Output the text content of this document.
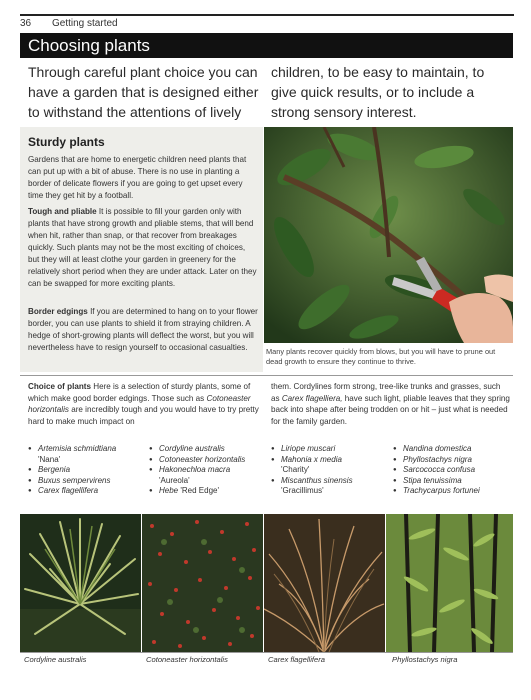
36 Getting started
Choosing plants
Through careful plant choice you can have a garden that is designed either to withstand the attentions of lively
children, to be easy to maintain, to give quick results, or to include a strong sensory interest.
Sturdy plants
Gardens that are home to energetic children need plants that can put up with a bit of abuse. There is no use in planting a border of delicate flowers if you are going to get upset every time they get hit by a football.
Tough and pliable It is possible to fill your garden only with plants that have strong growth and pliable stems, that will bend when hit, rather than snap, or that recover from breakages quickly. Such plants may not be the most exciting of choices, but they will at least clothe your garden in greenery for the relatively short period when they are under attack. Later on they can be swapped for more exciting plants.
Border edgings If you are determined to hang on to your flower border, you can use plants to shield it from straying children. A hedge of short-growing plants will deflect the worst, but you will nevertheless have to resign yourself to occasional casualties.	Many plants recover quickly from blows, but you will have to prune out dead growth to ensure they continue to thrive.
Choice of plants Here is a selection of sturdy plants, some of which make good border edgings. Those such as Cotoneaster horizontalis are incredibly tough and you would have to try pretty hard to make much impact on
them. Cordylines form strong, tree-like trunks and grasses, such as Carex flagelliera, have such light, pliable leaves that they spring back into shape after being trodden on or hit – just what is needed for the family garden.
● Artemisia schmidtiana
'Nana'
● Bergenia
● Buxus sempervirens
● Carex flagellifera
● Cordyline australis
● Cotoneaster horizontalis
● Hakonechloa macra
'Aureola'
● Hebe 'Red Edge'
● Liriope muscari
● Mahonia x media
'Charity'
● Miscanthus sinensis
'Gracillimus'
● Nandina domestica
● Phyllostachys nigra
● Sarcococca confusa
● Stipa tenuissima
● Trachycarpus fortunei
Cordyline australis	Cotoneaster horizontalis	Carex flagellifera	Phyllostachys nigra
